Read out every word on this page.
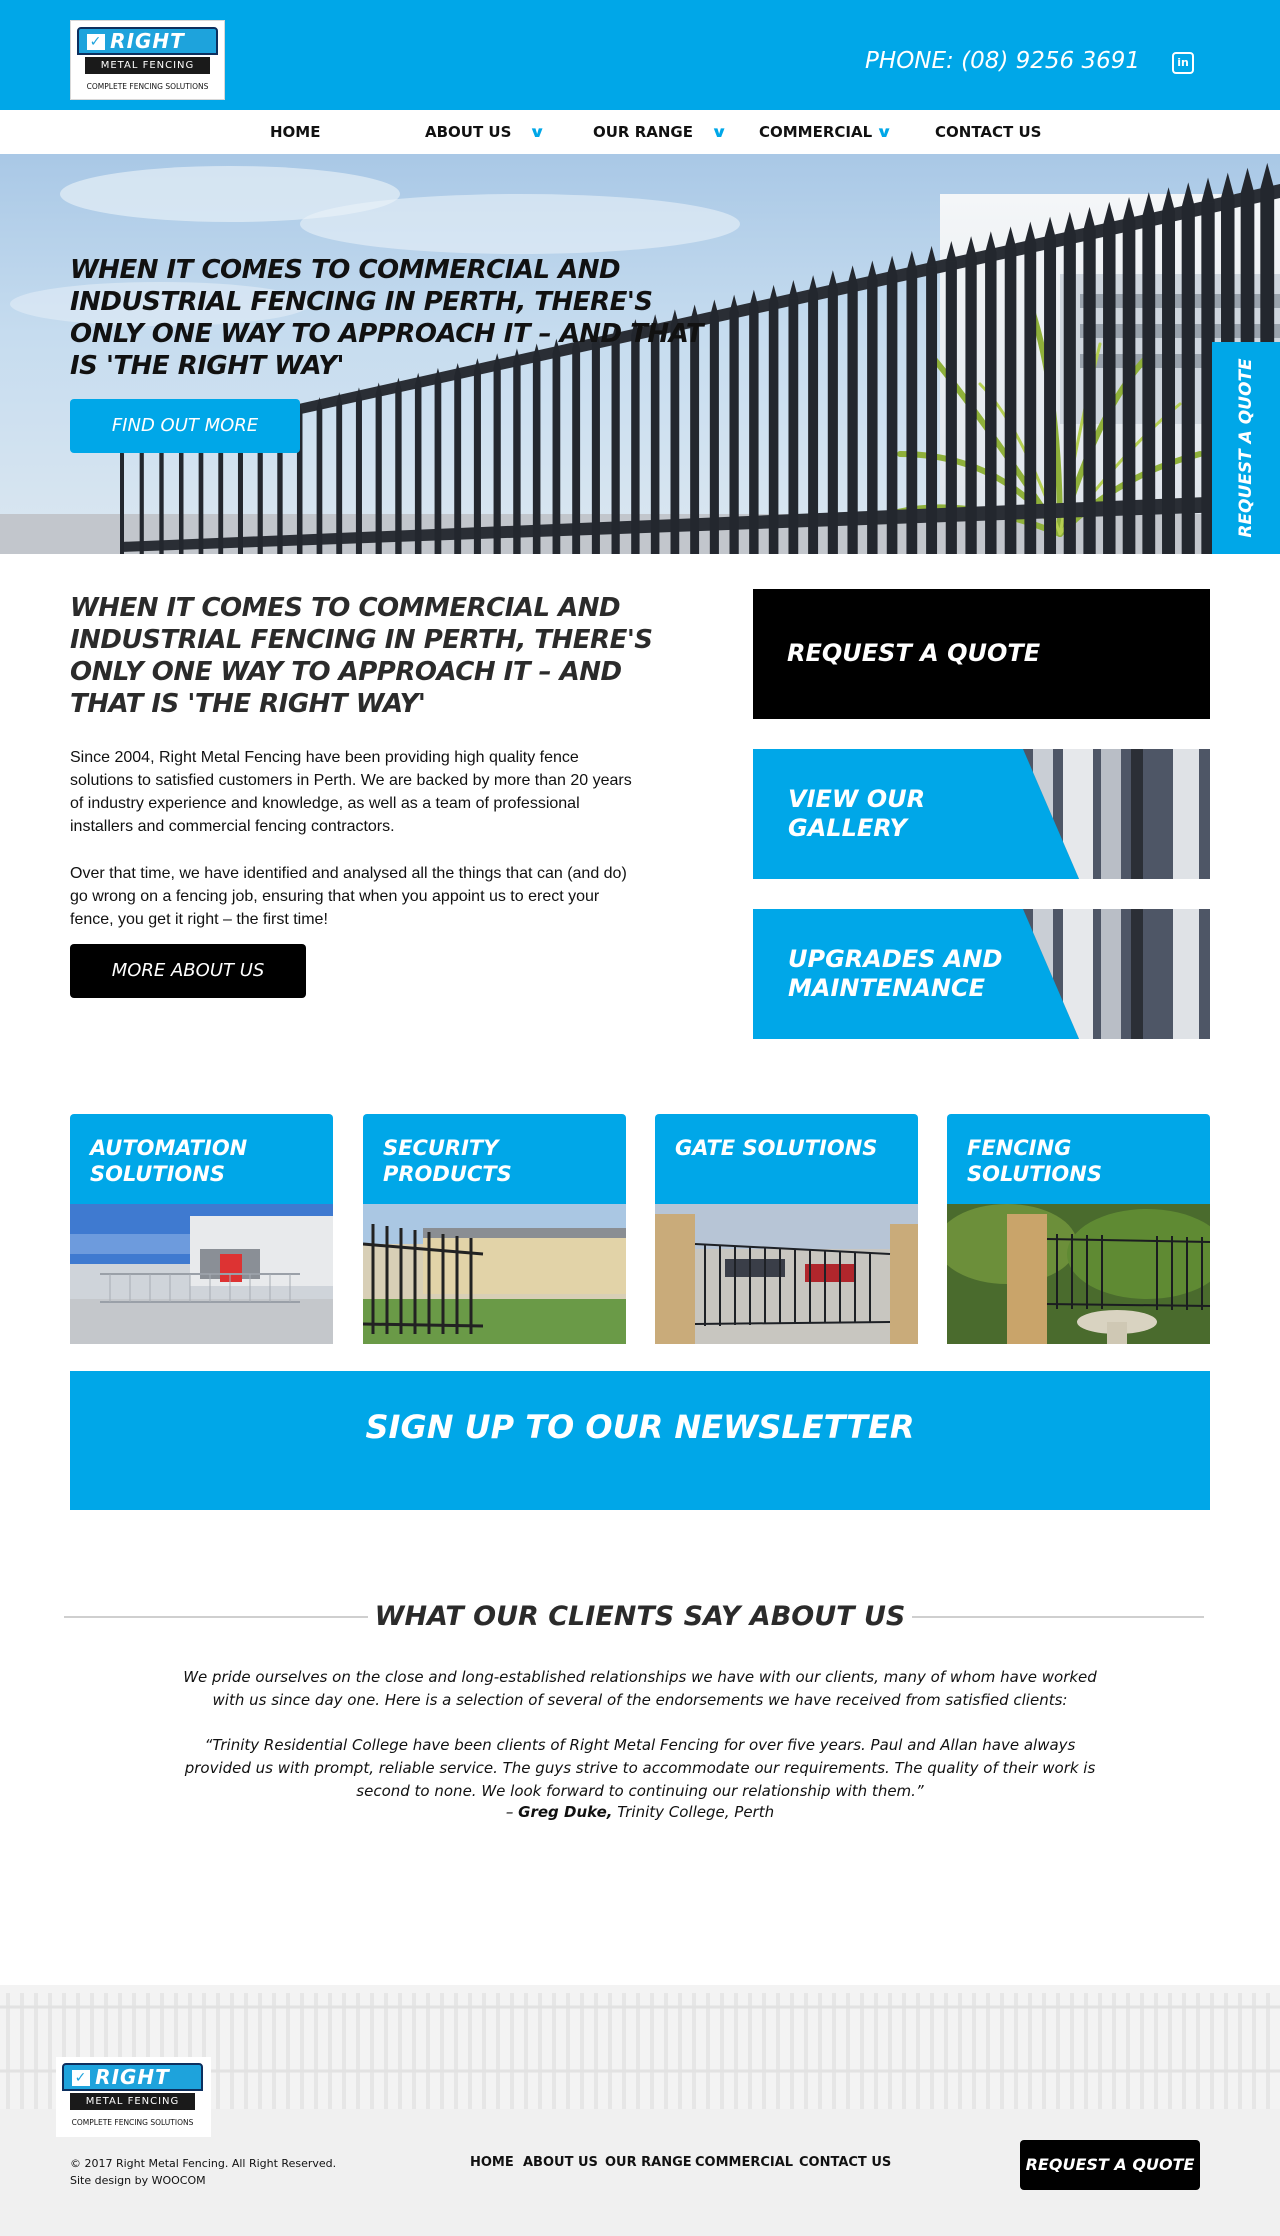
✓ RIGHT
METAL FENCING
COMPLETE FENCING SOLUTIONS
PHONE: (08) 9256 3691	in
HOME	ABOUT US ∨	OUR RANGE ∨ COMMERCIAL ∨	CONTACT US
WHEN IT COMES TO COMMERCIAL AND INDUSTRIAL FENCING IN PERTH, THERE'S ONLY ONE WAY TO APPROACH IT – AND THAT IS 'THE RIGHT WAY'
FIND OUT MORE	REQUEST A QUOTE
WHEN IT COMES TO COMMERCIAL AND INDUSTRIAL FENCING IN PERTH, THERE'S ONLY ONE WAY TO APPROACH IT – AND THAT IS 'THE RIGHT WAY'
Since 2004, Right Metal Fencing have been providing high quality fence solutions to satisfied customers in Perth. We are backed by more than 20 years of industry experience and knowledge, as well as a team of professional installers and commercial fencing contractors.
Over that time, we have identified and analysed all the things that can (and do) go wrong on a fencing job, ensuring that when you appoint us to erect your fence, you get it right – the first time!
MORE ABOUT US
REQUEST A QUOTE
VIEW OUR GALLERY
UPGRADES AND MAINTENANCE
AUTOMATION SOLUTIONS
SECURITY PRODUCTS
GATE SOLUTIONS	FENCING SOLUTIONS
SIGN UP TO OUR NEWSLETTER
WHAT OUR CLIENTS SAY ABOUT US
We pride ourselves on the close and long-established relationships we have with our clients, many of whom have worked with us since day one. Here is a selection of several of the endorsements we have received from satisfied clients:
“Trinity Residential College have been clients of Right Metal Fencing for over five years. Paul and Allan have always provided us with prompt, reliable service. The guys strive to accommodate our requirements. The quality of their work is second to none. We look forward to continuing our relationship with them.”
– Greg Duke, Trinity College, Perth
✓ RIGHT
METAL FENCING
COMPLETE FENCING SOLUTIONS
© 2017 Right Metal Fencing. All Right Reserved.
Site design by WOOCOM
HOME ABOUT US OUR RANGE COMMERCIAL CONTACT US	REQUEST A QUOTE
